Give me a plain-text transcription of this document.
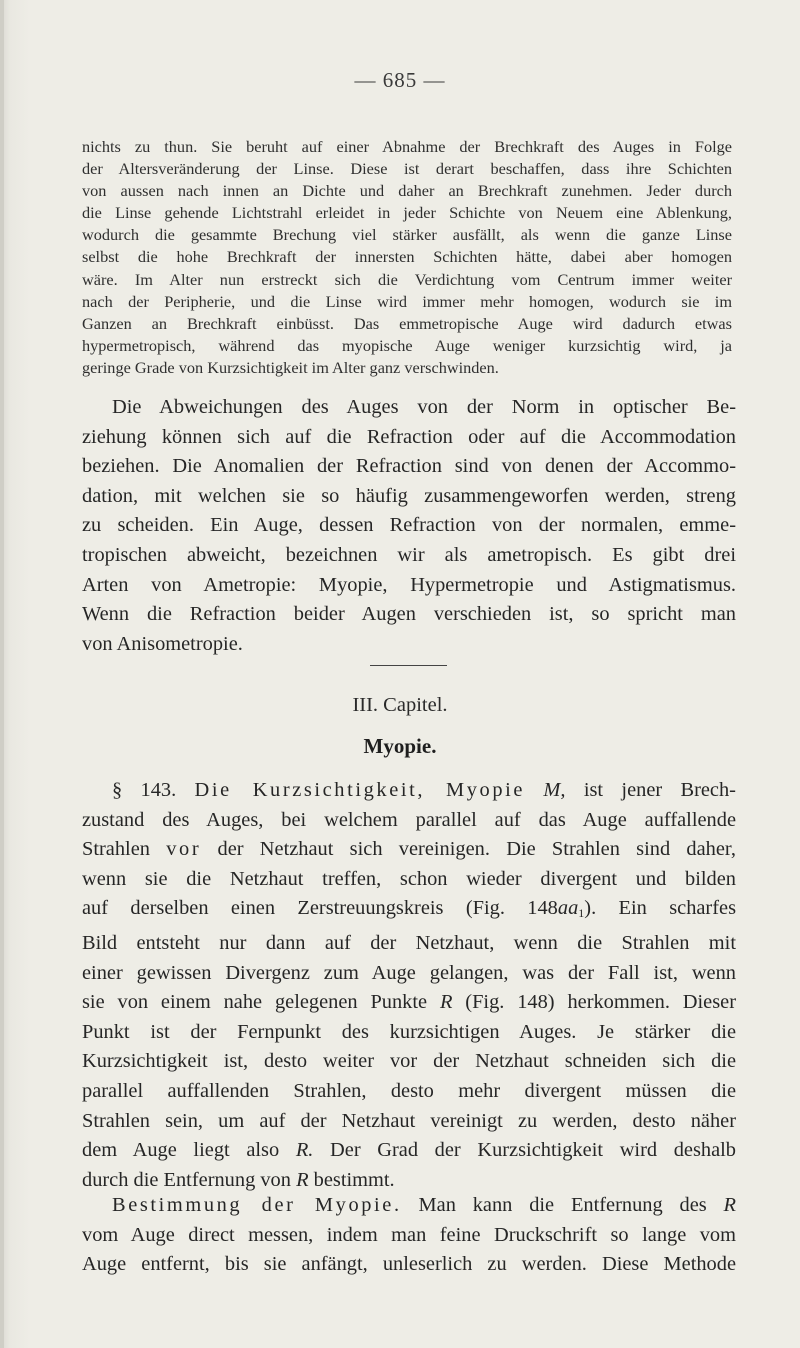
— 685 —
nichts zu thun. Sie beruht auf einer Abnahme der Brechkraft des Auges in Folge
der Altersveränderung der Linse. Diese ist derart beschaffen, dass ihre Schichten
von aussen nach innen an Dichte und daher an Brechkraft zunehmen. Jeder durch
die Linse gehende Lichtstrahl erleidet in jeder Schichte von Neuem eine Ablenkung,
wodurch die gesammte Brechung viel stärker ausfällt, als wenn die ganze Linse
selbst die hohe Brechkraft der innersten Schichten hätte, dabei aber homogen
wäre. Im Alter nun erstreckt sich die Verdichtung vom Centrum immer weiter
nach der Peripherie, und die Linse wird immer mehr homogen, wodurch sie im
Ganzen an Brechkraft einbüsst. Das emmetropische Auge wird dadurch etwas
hypermetropisch, während das myopische Auge weniger kurzsichtig wird, ja
geringe Grade von Kurzsichtigkeit im Alter ganz verschwinden.
Die Abweichungen des Auges von der Norm in optischer Be-
ziehung können sich auf die Refraction oder auf die Accommodation
beziehen. Die Anomalien der Refraction sind von denen der Accommo-
dation, mit welchen sie so häufig zusammengeworfen werden, streng
zu scheiden. Ein Auge, dessen Refraction von der normalen, emme-
tropischen abweicht, bezeichnen wir als ametropisch. Es gibt drei
Arten von Ametropie: Myopie, Hypermetropie und Astigmatismus.
Wenn die Refraction beider Augen verschieden ist, so spricht man
von Anisometropie.
III. Capitel.
Myopie.
§ 143. Die Kurzsichtigkeit, Myopie M, ist jener Brech-
zustand des Auges, bei welchem parallel auf das Auge auffallende
Strahlen vor der Netzhaut sich vereinigen. Die Strahlen sind daher,
wenn sie die Netzhaut treffen, schon wieder divergent und bilden
auf derselben einen Zerstreuungskreis (Fig. $148aa_1$). Ein scharfes
Bild entsteht nur dann auf der Netzhaut, wenn die Strahlen mit
einer gewissen Divergenz zum Auge gelangen, was der Fall ist, wenn
sie von einem nahe gelegenen Punkte R (Fig. 148) herkommen. Dieser
Punkt ist der Fernpunkt des kurzsichtigen Auges. Je stärker die
Kurzsichtigkeit ist, desto weiter vor der Netzhaut schneiden sich die
parallel auffallenden Strahlen, desto mehr divergent müssen die
Strahlen sein, um auf der Netzhaut vereinigt zu werden, desto näher
dem Auge liegt also R. Der Grad der Kurzsichtigkeit wird deshalb
durch die Entfernung von R bestimmt.
Bestimmung der Myopie. Man kann die Entfernung des R
vom Auge direct messen, indem man feine Druckschrift so lange vom
Auge entfernt, bis sie anfängt, unleserlich zu werden. Diese Methode
